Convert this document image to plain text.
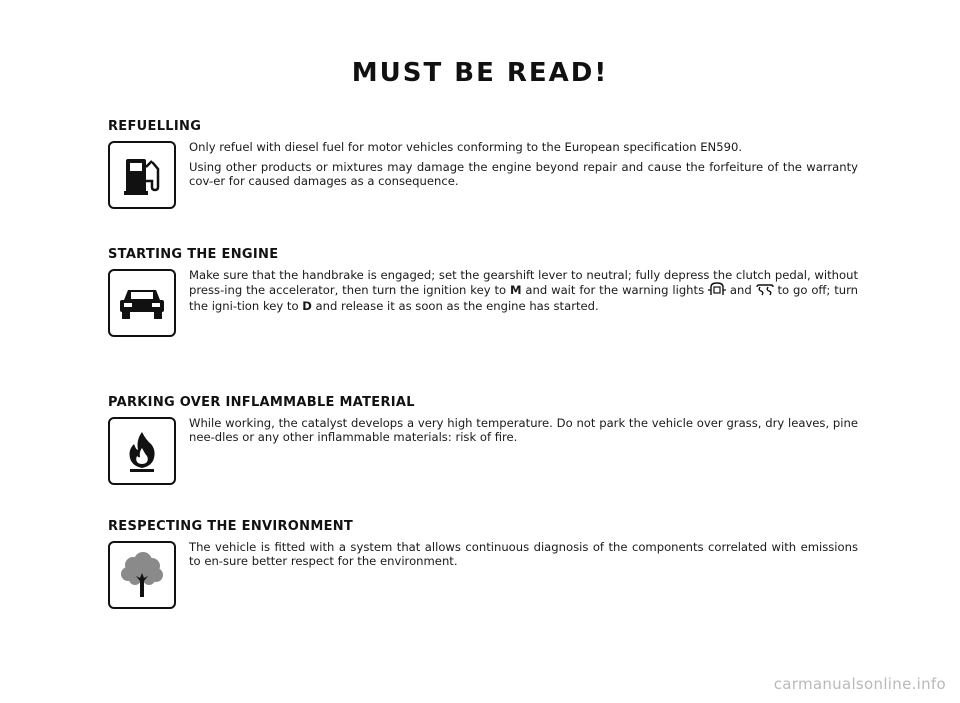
MUST BE READ!
REFUELLING

Only refuel with diesel fuel for motor vehicles conforming to the European specification EN590.

Using other products or mixtures may damage the engine beyond repair and cause the forfeiture of the warranty cov-er for caused damages as a consequence.

STARTING THE ENGINE

Make sure that the handbrake is engaged; set the gearshift lever to neutral; fully depress the clutch pedal, without press-ing the accelerator, then turn the ignition key to M and wait for the warning lights  and  to go off; turn the igni-tion key to D and release it as soon as the engine has started.

PARKING OVER INFLAMMABLE MATERIAL

While working, the catalyst develops a very high temperature. Do not park the vehicle over grass, dry leaves, pine nee-dles or any other inflammable materials: risk of fire.

RESPECTING THE ENVIRONMENT

The vehicle is fitted with a system that allows continuous diagnosis of the components correlated with emissions to en-sure better respect for the environment.

carmanualsonline.info
